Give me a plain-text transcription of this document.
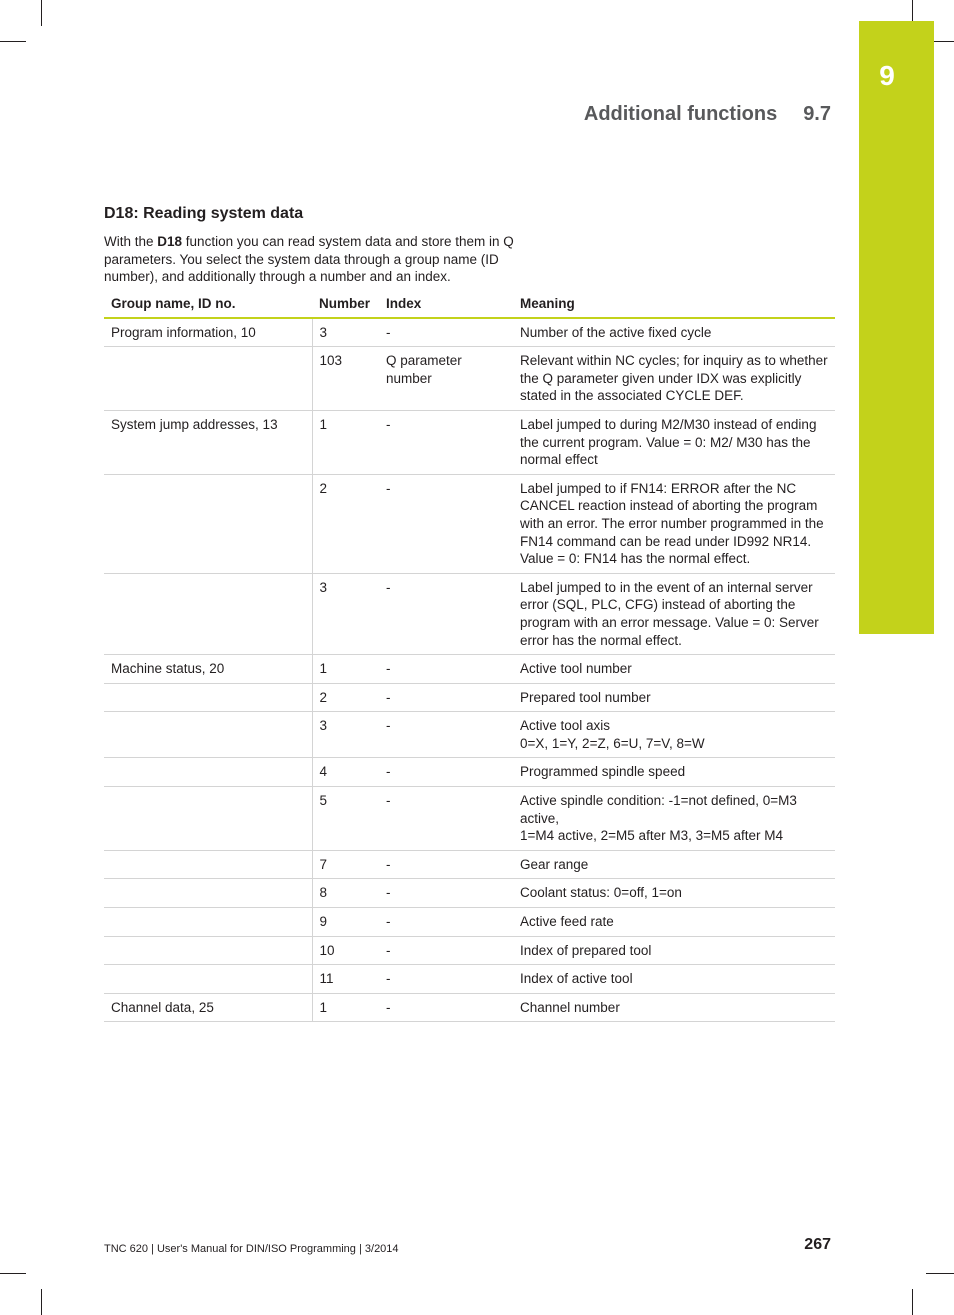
9
Additional functions 9.7
D18: Reading system data
With the D18 function you can read system data and store them in Q parameters. You select the system data through a group name (ID number), and additionally through a number and an index.
Group name, ID no.	Number	Index	Meaning
Program information, 10	3	-	Number of the active fixed cycle
	103	Q parameter number	Relevant within NC cycles; for inquiry as to whether the Q parameter given under IDX was explicitly stated in the associated CYCLE DEF.
System jump addresses, 13	1	-	Label jumped to during M2/M30 instead of ending the current program. Value = 0: M2/ M30 has the normal effect
	2	-	Label jumped to if FN14: ERROR after the NC CANCEL reaction instead of aborting the program with an error. The error number programmed in the FN14 command can be read under ID992 NR14. Value = 0: FN14 has the normal effect.
	3	-	Label jumped to in the event of an internal server error (SQL, PLC, CFG) instead of aborting the program with an error message. Value = 0: Server error has the normal effect.
Machine status, 20	1	-	Active tool number
	2	-	Prepared tool number
	3	-	Active tool axis
0=X, 1=Y, 2=Z, 6=U, 7=V, 8=W
	4	-	Programmed spindle speed
	5	-	Active spindle condition: -1=not defined, 0=M3 active,
1=M4 active, 2=M5 after M3, 3=M5 after M4
	7	-	Gear range
	8	-	Coolant status: 0=off, 1=on
	9	-	Active feed rate
	10	-	Index of prepared tool
	11	-	Index of active tool
Channel data, 25	1	-	Channel number
TNC 620 | User's Manual for DIN/ISO Programming | 3/2014	267
